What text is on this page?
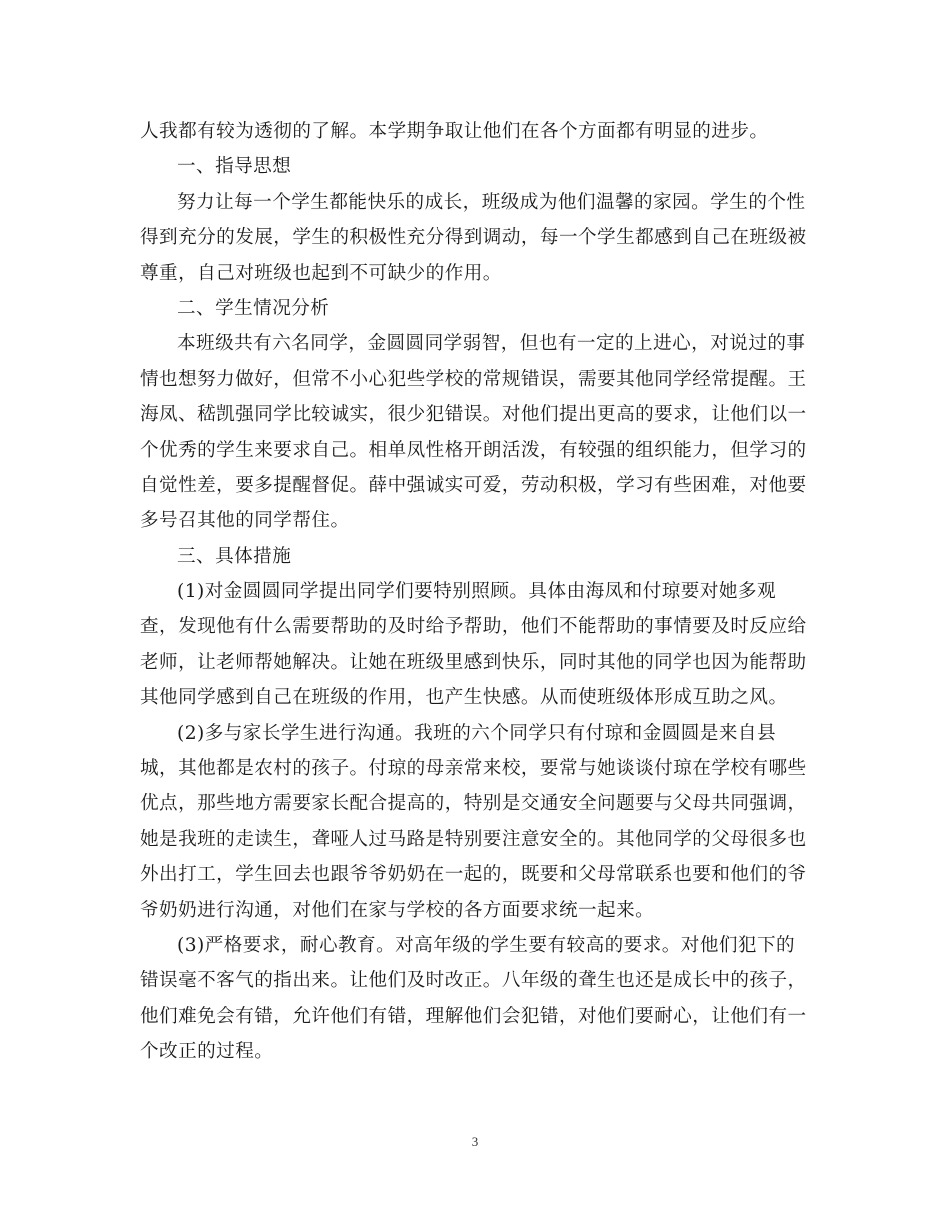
人我都有较为透彻的了解。本学期争取让他们在各个方面都有明显的进步。
一、指导思想
努力让每一个学生都能快乐的成长，班级成为他们温馨的家园。学生的个性
得到充分的发展，学生的积极性充分得到调动，每一个学生都感到自己在班级被
尊重，自己对班级也起到不可缺少的作用。
二、学生情况分析
本班级共有六名同学，金圆圆同学弱智，但也有一定的上进心，对说过的事
情也想努力做好，但常不小心犯些学校的常规错误，需要其他同学经常提醒。王
海凤、嵇凯强同学比较诚实，很少犯错误。对他们提出更高的要求，让他们以一
个优秀的学生来要求自己。相单凤性格开朗活泼，有较强的组织能力，但学习的
自觉性差，要多提醒督促。薛中强诚实可爱，劳动积极，学习有些困难，对他要
多号召其他的同学帮住。
三、具体措施
(1)对金圆圆同学提出同学们要特别照顾。具体由海凤和付琼要对她多观
查，发现他有什么需要帮助的及时给予帮助，他们不能帮助的事情要及时反应给
老师，让老师帮她解决。让她在班级里感到快乐，同时其他的同学也因为能帮助
其他同学感到自己在班级的作用，也产生快感。从而使班级体形成互助之风。
(2)多与家长学生进行沟通。我班的六个同学只有付琼和金圆圆是来自县
城，其他都是农村的孩子。付琼的母亲常来校，要常与她谈谈付琼在学校有哪些
优点，那些地方需要家长配合提高的，特别是交通安全问题要与父母共同强调，
她是我班的走读生，聋哑人过马路是特别要注意安全的。其他同学的父母很多也
外出打工，学生回去也跟爷爷奶奶在一起的，既要和父母常联系也要和他们的爷
爷奶奶进行沟通，对他们在家与学校的各方面要求统一起来。
(3)严格要求，耐心教育。对高年级的学生要有较高的要求。对他们犯下的
错误毫不客气的指出来。让他们及时改正。八年级的聋生也还是成长中的孩子，
他们难免会有错，允许他们有错，理解他们会犯错，对他们要耐心，让他们有一
个改正的过程。
3
